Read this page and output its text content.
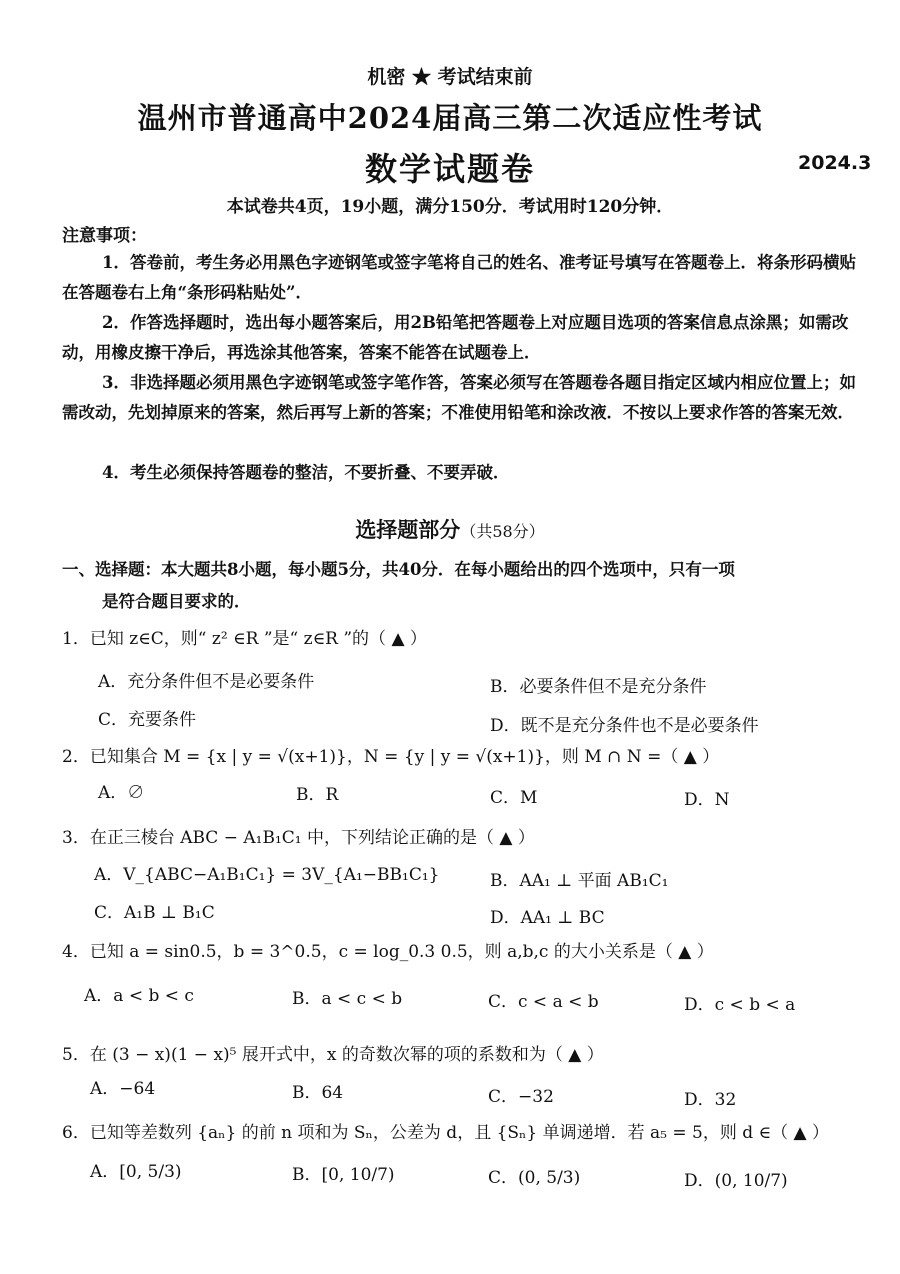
机密 ★ 考试结束前
温州市普通高中2024届高三第二次适应性考试
数学试题卷	2024.3
本试卷共4页，19小题，满分150分．考试用时120分钟．
注意事项：
1．答卷前，考生务必用黑色字迹钢笔或签字笔将自己的姓名、准考证号填写在答题卷上．将条形码横贴在答题卷右上角“条形码粘贴处”．
2．作答选择题时，选出每小题答案后，用2B铅笔把答题卷上对应题目选项的答案信息点涂黑；如需改动，用橡皮擦干净后，再选涂其他答案，答案不能答在试题卷上．
3．非选择题必须用黑色字迹钢笔或签字笔作答，答案必须写在答题卷各题目指定区域内相应位置上；如需改动，先划掉原来的答案，然后再写上新的答案；不准使用铅笔和涂改液．不按以上要求作答的答案无效．
4．考生必须保持答题卷的整洁，不要折叠、不要弄破．
选择题部分（共58分）
一、选择题：本大题共8小题，每小题5分，共40分．在每小题给出的四个选项中，只有一项
是符合题目要求的．
1．已知 z∈C，则“ z² ∈R ”是“ z∈R ”的（ ▲ ）
A．充分条件但不是必要条件	B．必要条件但不是充分条件
C．充要条件	D．既不是充分条件也不是必要条件
2．已知集合 M = {x | y = √(x+1)}，N = {y | y = √(x+1)}，则 M ∩ N =（ ▲ ）
A．∅	B．R	C．M	D．N
3．在正三棱台 ABC − A₁B₁C₁ 中，下列结论正确的是（ ▲ ）
A．V_{ABC−A₁B₁C₁} = 3V_{A₁−BB₁C₁}	B．AA₁ ⊥ 平面 AB₁C₁
C．A₁B ⊥ B₁C	D．AA₁ ⊥ BC
4．已知 a = sin0.5，b = 3^0.5，c = log_0.3 0.5，则 a,b,c 的大小关系是（ ▲ ）
A．a < b < c	B．a < c < b	C．c < a < b	D．c < b < a
5．在 (3 − x)(1 − x)⁵ 展开式中，x 的奇数次幂的项的系数和为（ ▲ ）
A．−64	B．64	C．−32	D．32
6．已知等差数列 {aₙ} 的前 n 项和为 Sₙ，公差为 d，且 {Sₙ} 单调递增．若 a₅ = 5，则 d ∈（ ▲ ）
A．[0, 5/3)	B．[0, 10/7)	C．(0, 5/3)	D．(0, 10/7)
